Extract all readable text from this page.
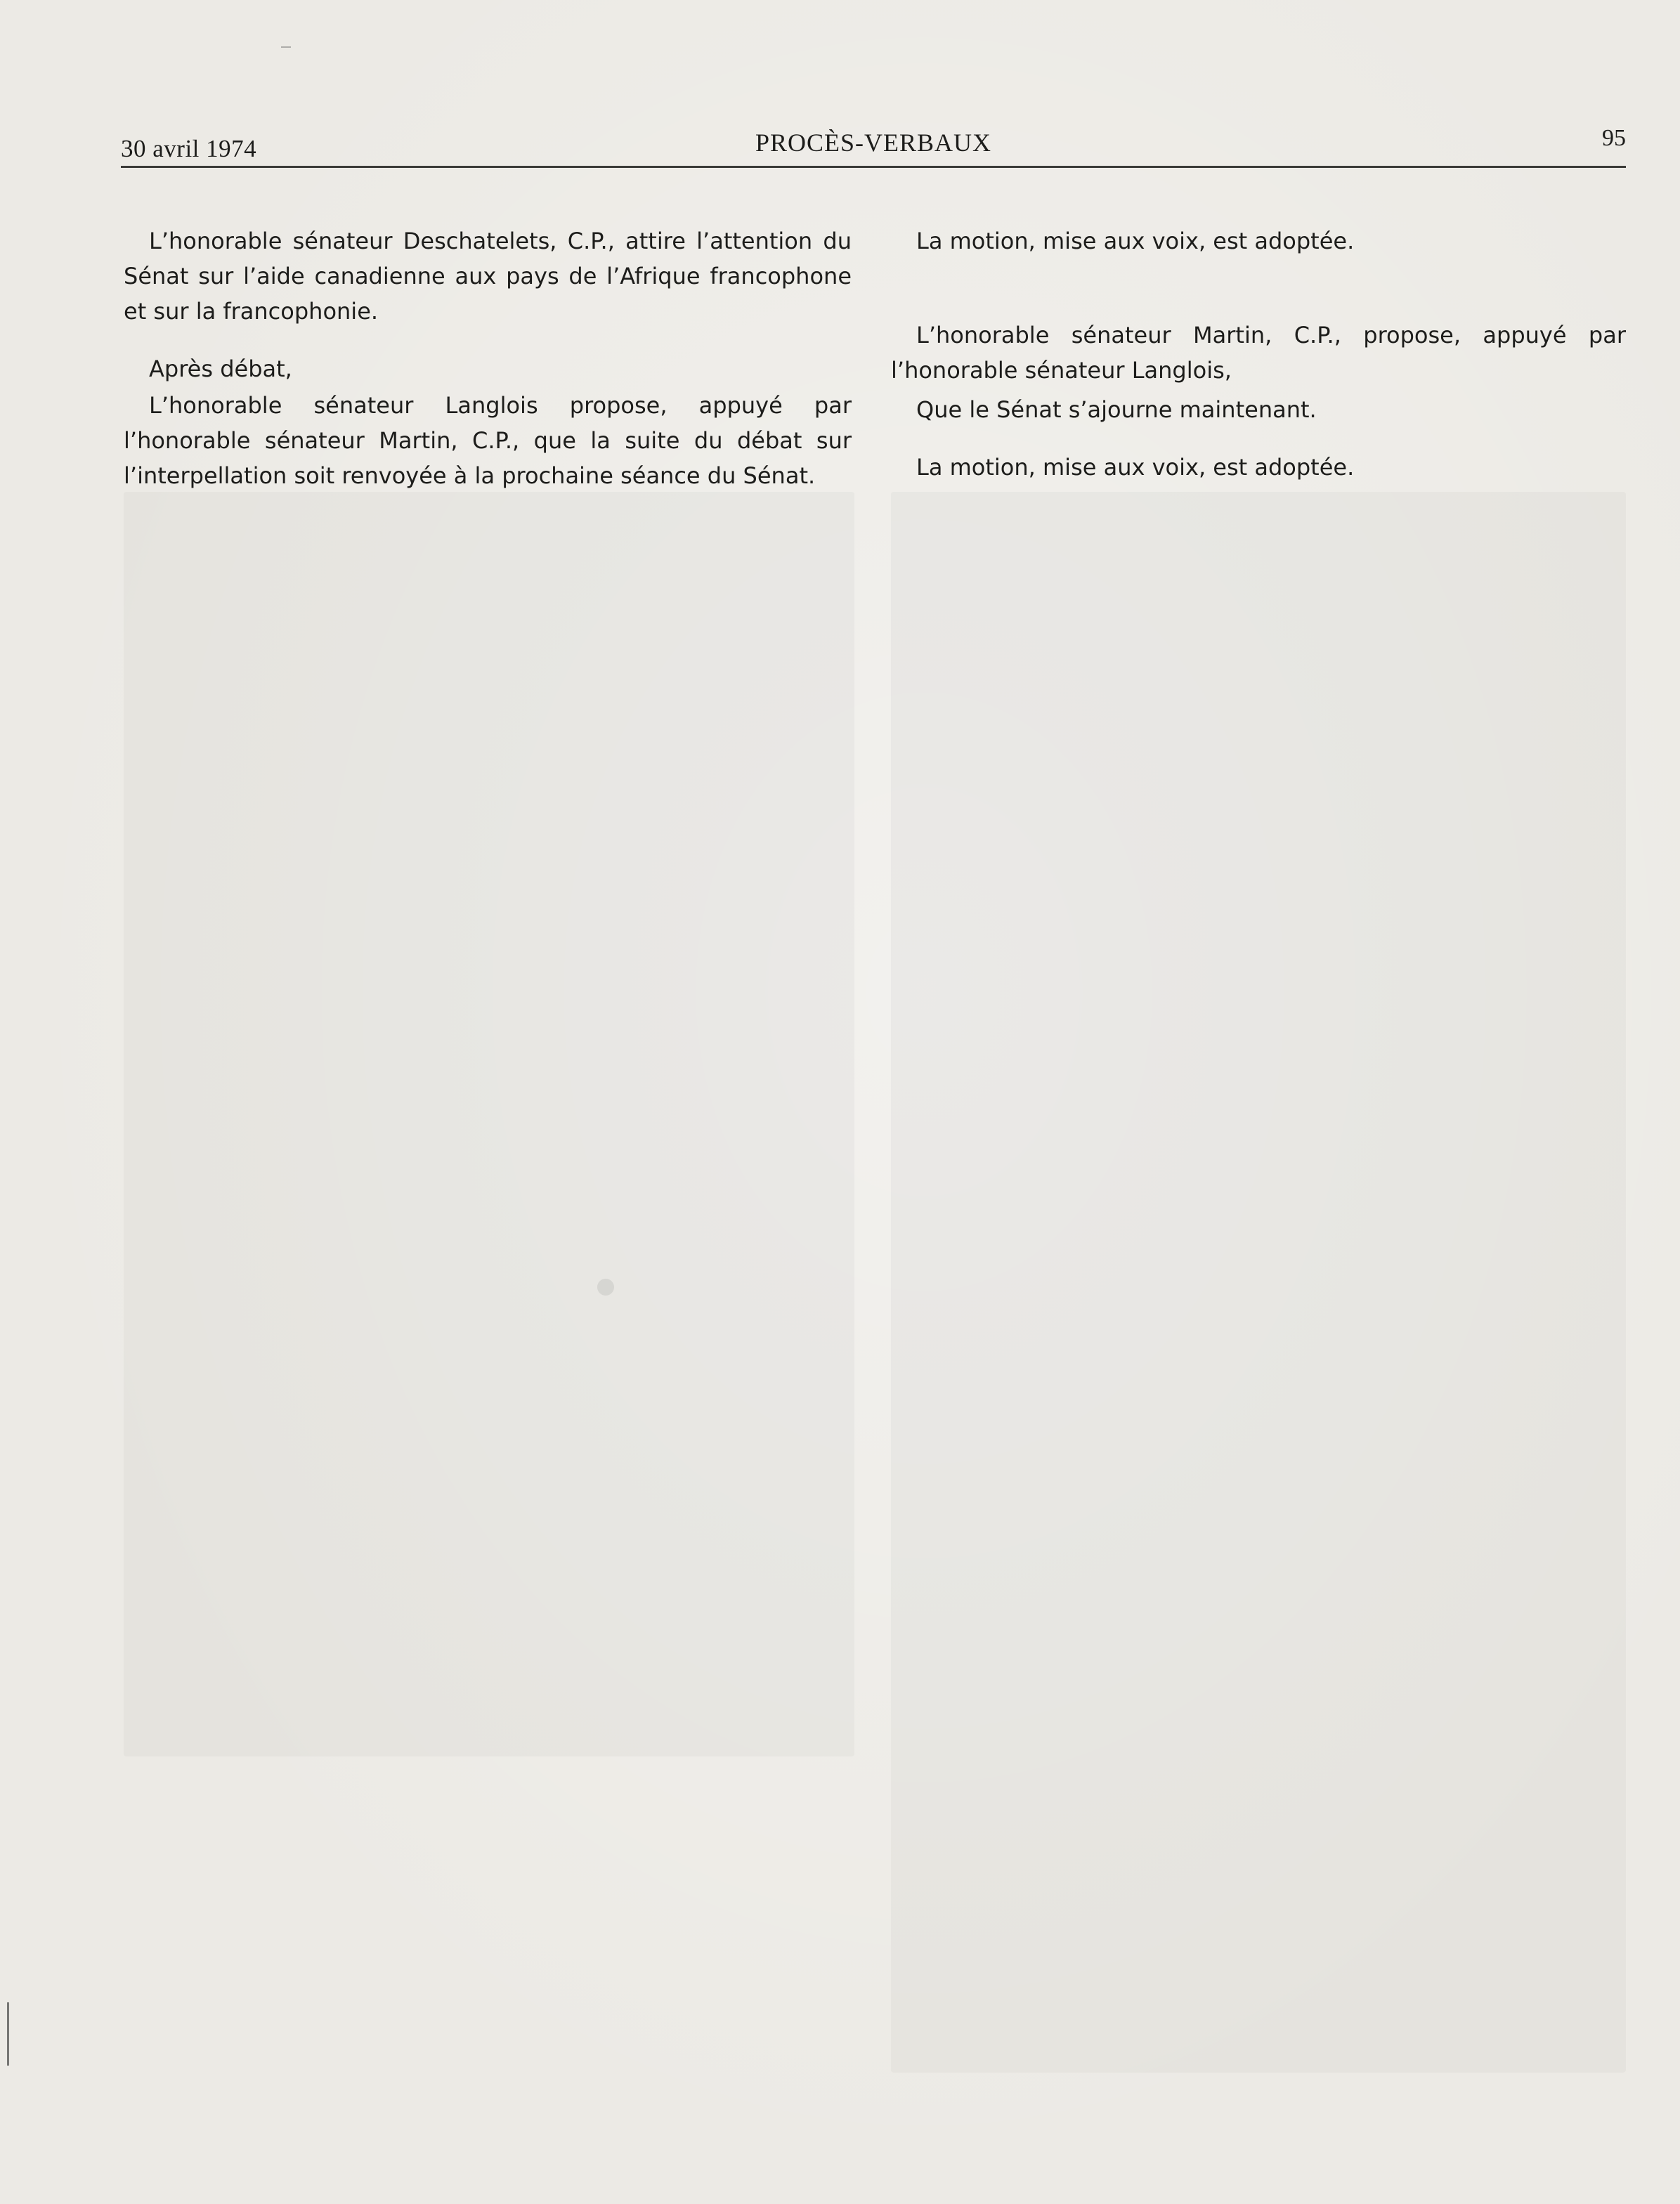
30 avril 1974	PROCÈS-VERBAUX	95

L’honorable sénateur Deschatelets, C.P., attire l’attention du Sénat sur l’aide canadienne aux pays de l’Afrique francophone et sur la francophonie.

Après débat,

L’honorable sénateur Langlois propose, appuyé par l’honorable sénateur Martin, C.P., que la suite du débat sur l’interpellation soit renvoyée à la prochaine séance du Sénat.

La motion, mise aux voix, est adoptée.

L’honorable sénateur Martin, C.P., propose, appuyé par l’honorable sénateur Langlois,

Que le Sénat s’ajourne maintenant.

La motion, mise aux voix, est adoptée.
